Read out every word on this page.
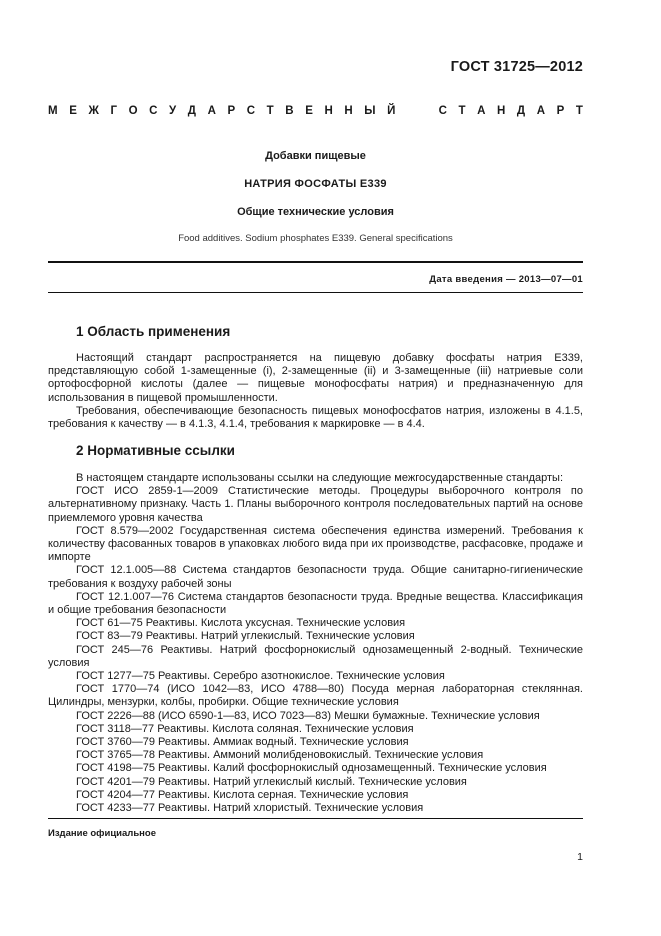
ГОСТ 31725—2012
М Е Ж Г О С У Д А Р С Т В Е Н Н Ы Й	С Т А Н Д А Р Т
Добавки пищевые
НАТРИЯ ФОСФАТЫ Е339
Общие технические условия
Food additives. Sodium phosphates E339. General specifications
Дата введения — 2013—07—01
1 Область применения

Настоящий стандарт распространяется на пищевую добавку фосфаты натрия Е339, представляющую собой 1-замещенные (i), 2-замещенные (ii) и 3-замещенные (iii) натриевые соли ортофосфорной кислоты (далее — пищевые монофосфаты натрия) и предназначенную для использования в пищевой промышленности.

Требования, обеспечивающие безопасность пищевых монофосфатов натрия, изложены в 4.1.5, требования к качеству — в 4.1.3, 4.1.4, требования к маркировке — в 4.4.

2 Нормативные ссылки

В настоящем стандарте использованы ссылки на следующие межгосударственные стандарты:

ГОСТ ИСО 2859-1—2009 Статистические методы. Процедуры выборочного контроля по альтернативному признаку. Часть 1. Планы выборочного контроля последовательных партий на основе приемлемого уровня качества

ГОСТ 8.579—2002 Государственная система обеспечения единства измерений. Требования к количеству фасованных товаров в упаковках любого вида при их производстве, расфасовке, продаже и импорте

ГОСТ 12.1.005—88 Система стандартов безопасности труда. Общие санитарно-гигиенические требования к воздуху рабочей зоны

ГОСТ 12.1.007—76 Система стандартов безопасности труда. Вредные вещества. Классификация и общие требования безопасности

ГОСТ 61—75 Реактивы. Кислота уксусная. Технические условия

ГОСТ 83—79 Реактивы. Натрий углекислый. Технические условия

ГОСТ 245—76 Реактивы. Натрий фосфорнокислый однозамещенный 2-водный. Технические условия

ГОСТ 1277—75 Реактивы. Серебро азотнокислое. Технические условия

ГОСТ 1770—74 (ИСО 1042—83, ИСО 4788—80) Посуда мерная лабораторная стеклянная. Цилиндры, мензурки, колбы, пробирки. Общие технические условия

ГОСТ 2226—88 (ИСО 6590-1—83, ИСО 7023—83) Мешки бумажные. Технические условия

ГОСТ 3118—77 Реактивы. Кислота соляная. Технические условия

ГОСТ 3760—79 Реактивы. Аммиак водный. Технические условия

ГОСТ 3765—78 Реактивы. Аммоний молибденовокислый. Технические условия

ГОСТ 4198—75 Реактивы. Калий фосфорнокислый однозамещенный. Технические условия

ГОСТ 4201—79 Реактивы. Натрий углекислый кислый. Технические условия

ГОСТ 4204—77 Реактивы. Кислота серная. Технические условия

ГОСТ 4233—77 Реактивы. Натрий хлористый. Технические условия

Издание официальное
1
